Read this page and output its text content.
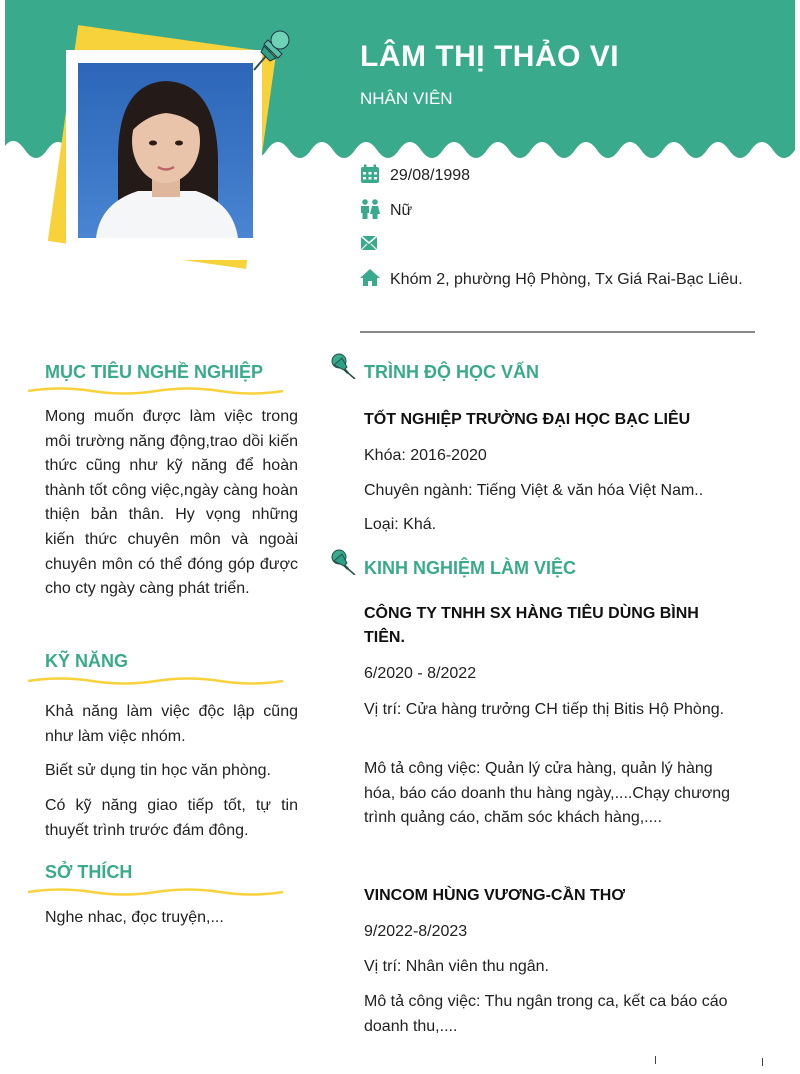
LÂM THỊ THẢO VI
NHÂN VIÊN
29/08/1998
Nữ
Khóm 2, phường Hộ Phòng, Tx Giá Rai-Bạc Liêu.
MỤC TIÊU NGHỀ NGHIỆP

Mong muốn được làm việc trong môi trường năng động,trao dồi kiến thức cũng như kỹ năng để hoàn thành tốt công việc,ngày càng hoàn thiện bản thân. Hy vọng những kiến thức chuyên môn và ngoài chuyên môn có thể đóng góp được cho cty ngày càng phát triển.

KỸ NĂNG

Khả năng làm việc độc lập cũng như làm việc nhóm.

Biết sử dụng tin học văn phòng.

Có kỹ năng giao tiếp tốt, tự tin thuyết trình trước đám đông.

SỞ THÍCH

Nghe nhac, đọc truyện,...

TRÌNH ĐỘ HỌC VẤN

TỐT NGHIỆP TRƯỜNG ĐẠI HỌC BẠC LIÊU

Khóa: 2016-2020

Chuyên ngành: Tiếng Việt & văn hóa Việt Nam..

Loại: Khá.

KINH NGHIỆM LÀM VIỆC

CÔNG TY TNHH SX HÀNG TIÊU DÙNG BÌNH TIÊN.

6/2020 - 8/2022

Vị trí: Cửa hàng trưởng CH tiếp thị Bitis Hộ Phòng.

Mô tả công việc: Quản lý cửa hàng, quản lý hàng hóa, báo cáo doanh thu hàng ngày,....Chạy chương trình quảng cáo, chăm sóc khách hàng,....

VINCOM HÙNG VƯƠNG-CẦN THƠ

9/2022-8/2023

Vị trí: Nhân viên thu ngân.

Mô tả công việc: Thu ngân trong ca, kết ca báo cáo doanh thu,....
